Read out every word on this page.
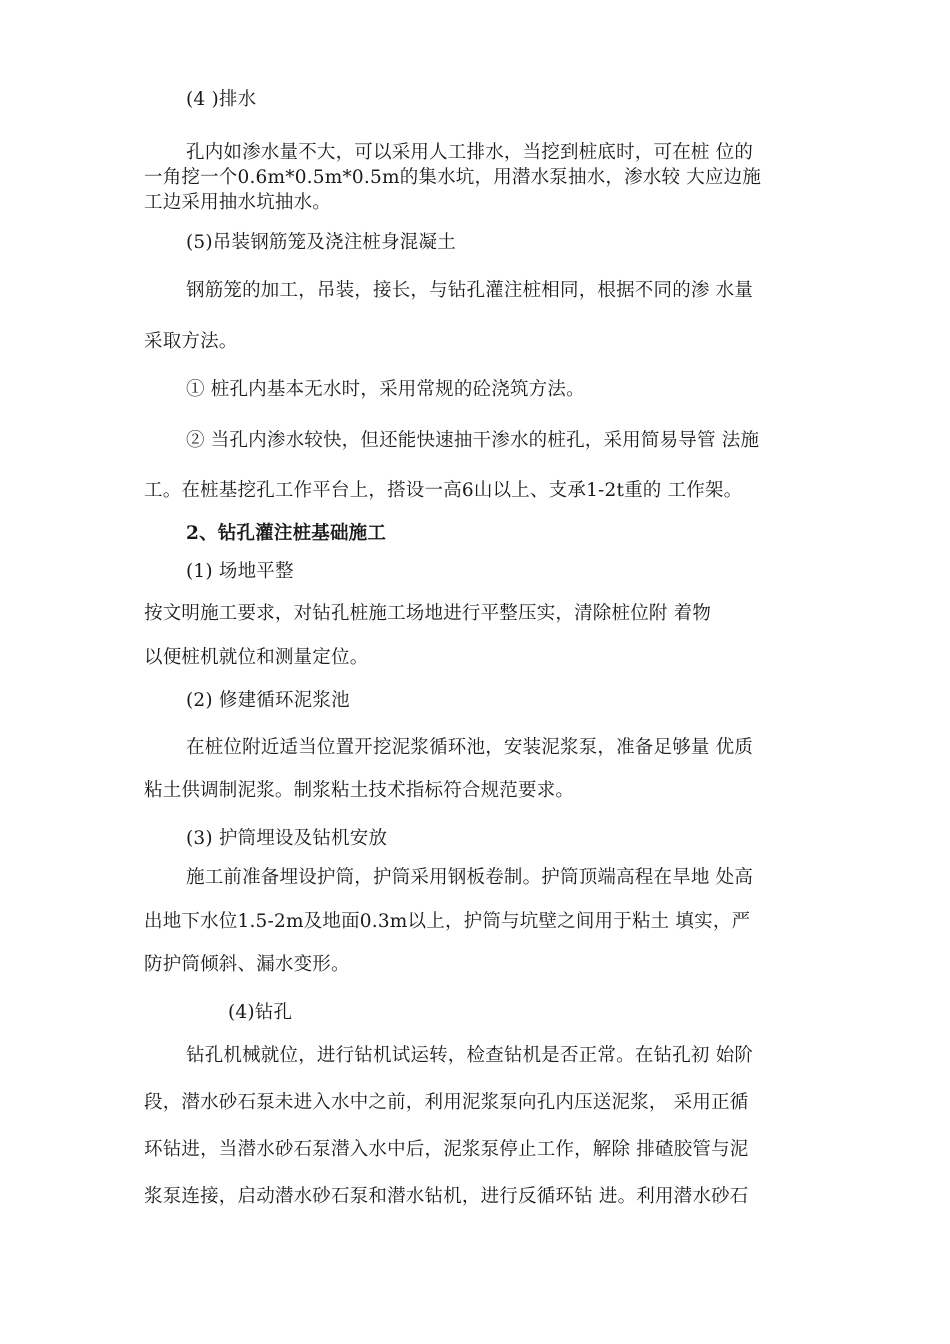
(4 )排水
孔内如渗水量不大，可以采用人工排水，当挖到桩底时，可在桩 位的
一角挖一个0.6m*0.5m*0.5m的集水坑，用潜水泵抽水，渗水较 大应边施
工边采用抽水坑抽水。
(5)吊装钢筋笼及浇注桩身混凝土
钢筋笼的加工，吊装，接长，与钻孔灌注桩相同，根据不同的渗 水量
采取方法。
① 桩孔内基本无水时，采用常规的砼浇筑方法。
② 当孔内渗水较快，但还能快速抽干渗水的桩孔，采用简易导管 法施
工。在桩基挖孔工作平台上，搭设一高6山以上、支承1-2t重的 工作架。
2、钻孔灌注桩基础施工
(1) 场地平整
按文明施工要求，对钻孔桩施工场地进行平整压实，清除桩位附 着物
以便桩机就位和测量定位。
(2) 修建循环泥浆池
在桩位附近适当位置开挖泥浆循环池，安装泥浆泵，准备足够量 优质
粘土供调制泥浆。制浆粘土技术指标符合规范要求。
(3) 护筒埋设及钻机安放
施工前准备埋设护筒，护筒采用钢板卷制。护筒顶端高程在旱地 处高
出地下水位1.5-2m及地面0.3m以上，护筒与坑壁之间用于粘土 填实，严
防护筒倾斜、漏水变形。
(4)钻孔
钻孔机械就位，进行钻机试运转，检查钻机是否正常。在钻孔初 始阶
段，潜水砂石泵未进入水中之前，利用泥浆泵向孔内压送泥浆， 采用正循
环钻进，当潜水砂石泵潜入水中后，泥浆泵停止工作，解除 排碴胶管与泥
浆泵连接，启动潜水砂石泵和潜水钻机，进行反循环钻 进。利用潜水砂石
